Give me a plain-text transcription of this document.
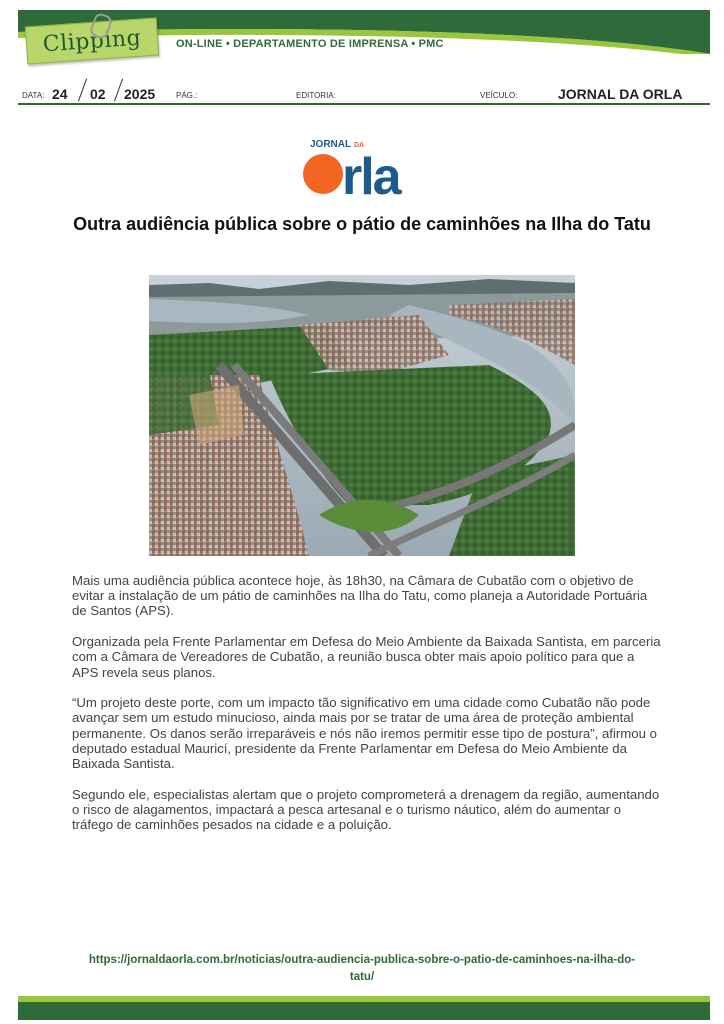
Clipping	ON-LINE • DEPARTAMENTO DE IMPRENSA • PMC
DATA: 24 02 2025	PÁG.:	EDITORIA:	VEÍCULO:	JORNAL DA ORLA
JORNAL DA
rla
Outra audiência pública sobre o pátio de caminhões na Ilha do Tatu

Mais uma audiência pública acontece hoje, às 18h30, na Câmara de Cubatão com o objetivo de evitar a instalação de um pátio de caminhões na Ilha do Tatu, como planeja a Autoridade Portuária de Santos (APS).

Organizada pela Frente Parlamentar em Defesa do Meio Ambiente da Baixada Santista, em parceria com a Câmara de Vereadores de Cubatão, a reunião busca obter mais apoio político para que a APS revela seus planos.

“Um projeto deste porte, com um impacto tão significativo em uma cidade como Cubatão não pode avançar sem um estudo minucioso, ainda mais por se tratar de uma área de proteção ambiental permanente. Os danos serão irreparáveis e nós não iremos permitir esse tipo de postura”, afirmou o deputado estadual Mauricí, presidente da Frente Parlamentar em Defesa do Meio Ambiente da Baixada Santista.

Segundo ele, especialistas alertam que o projeto comprometerá a drenagem da região, aumentando o risco de alagamentos, impactará a pesca artesanal e o turismo náutico, além do aumentar o tráfego de caminhões pesados na cidade e a poluição.

https://jornaldaorla.com.br/noticias/outra-audiencia-publica-sobre-o-patio-de-caminhoes-na-ilha-do-tatu/
